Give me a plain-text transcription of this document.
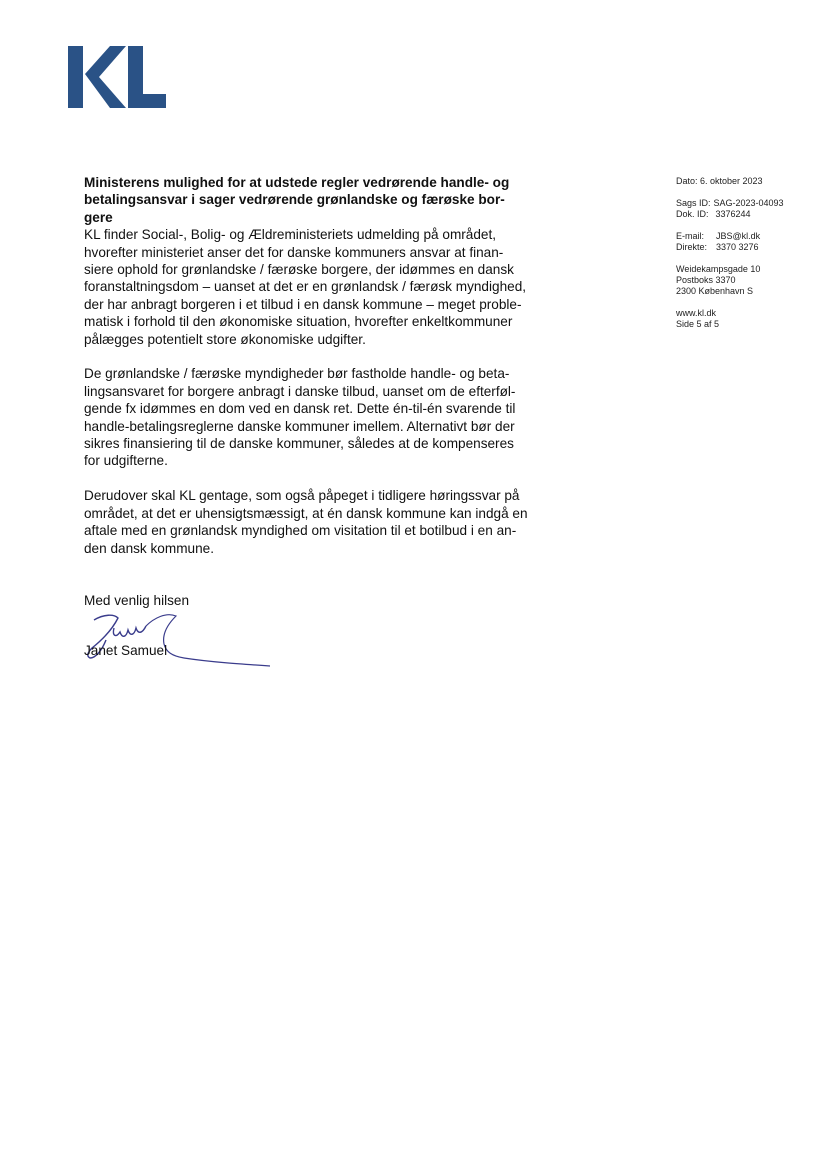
Ministerens mulighed for at udstede regler vedrørende handle- og
betalingsansvar i sager vedrørende grønlandske og færøske bor-
gere

KL finder Social-, Bolig- og Ældreministeriets udmelding på området,
hvorefter ministeriet anser det for danske kommuners ansvar at finan-
siere ophold for grønlandske / færøske borgere, der idømmes en dansk
foranstaltningsdom – uanset at det er en grønlandsk / færøsk myndighed,
der har anbragt borgeren i et tilbud i en dansk kommune – meget proble-
matisk i forhold til den økonomiske situation, hvorefter enkeltkommuner
pålægges potentielt store økonomiske udgifter.

De grønlandske / færøske myndigheder bør fastholde handle- og beta-
lingsansvaret for borgere anbragt i danske tilbud, uanset om de efterføl-
gende fx idømmes en dom ved en dansk ret. Dette én-til-én svarende til
handle-betalingsreglerne danske kommuner imellem. Alternativt bør der
sikres finansiering til de danske kommuner, således at de kompenseres
for udgifterne.

Derudover skal KL gentage, som også påpeget i tidligere høringssvar på
området, at det er uhensigtsmæssigt, at én dansk kommune kan indgå en
aftale med en grønlandsk myndighed om visitation til et botilbud i en an-
den dansk kommune.

Med venlig hilsen
Janet Samuel
Dato: 6. oktober 2023
Sags ID: SAG-2023-04093
Dok. ID: 3376244
E-mail:	JBS@kl.dk
Direkte: 3370 3276
Weidekampsgade 10
Postboks 3370
2300 København S
www.kl.dk
Side 5 af 5
